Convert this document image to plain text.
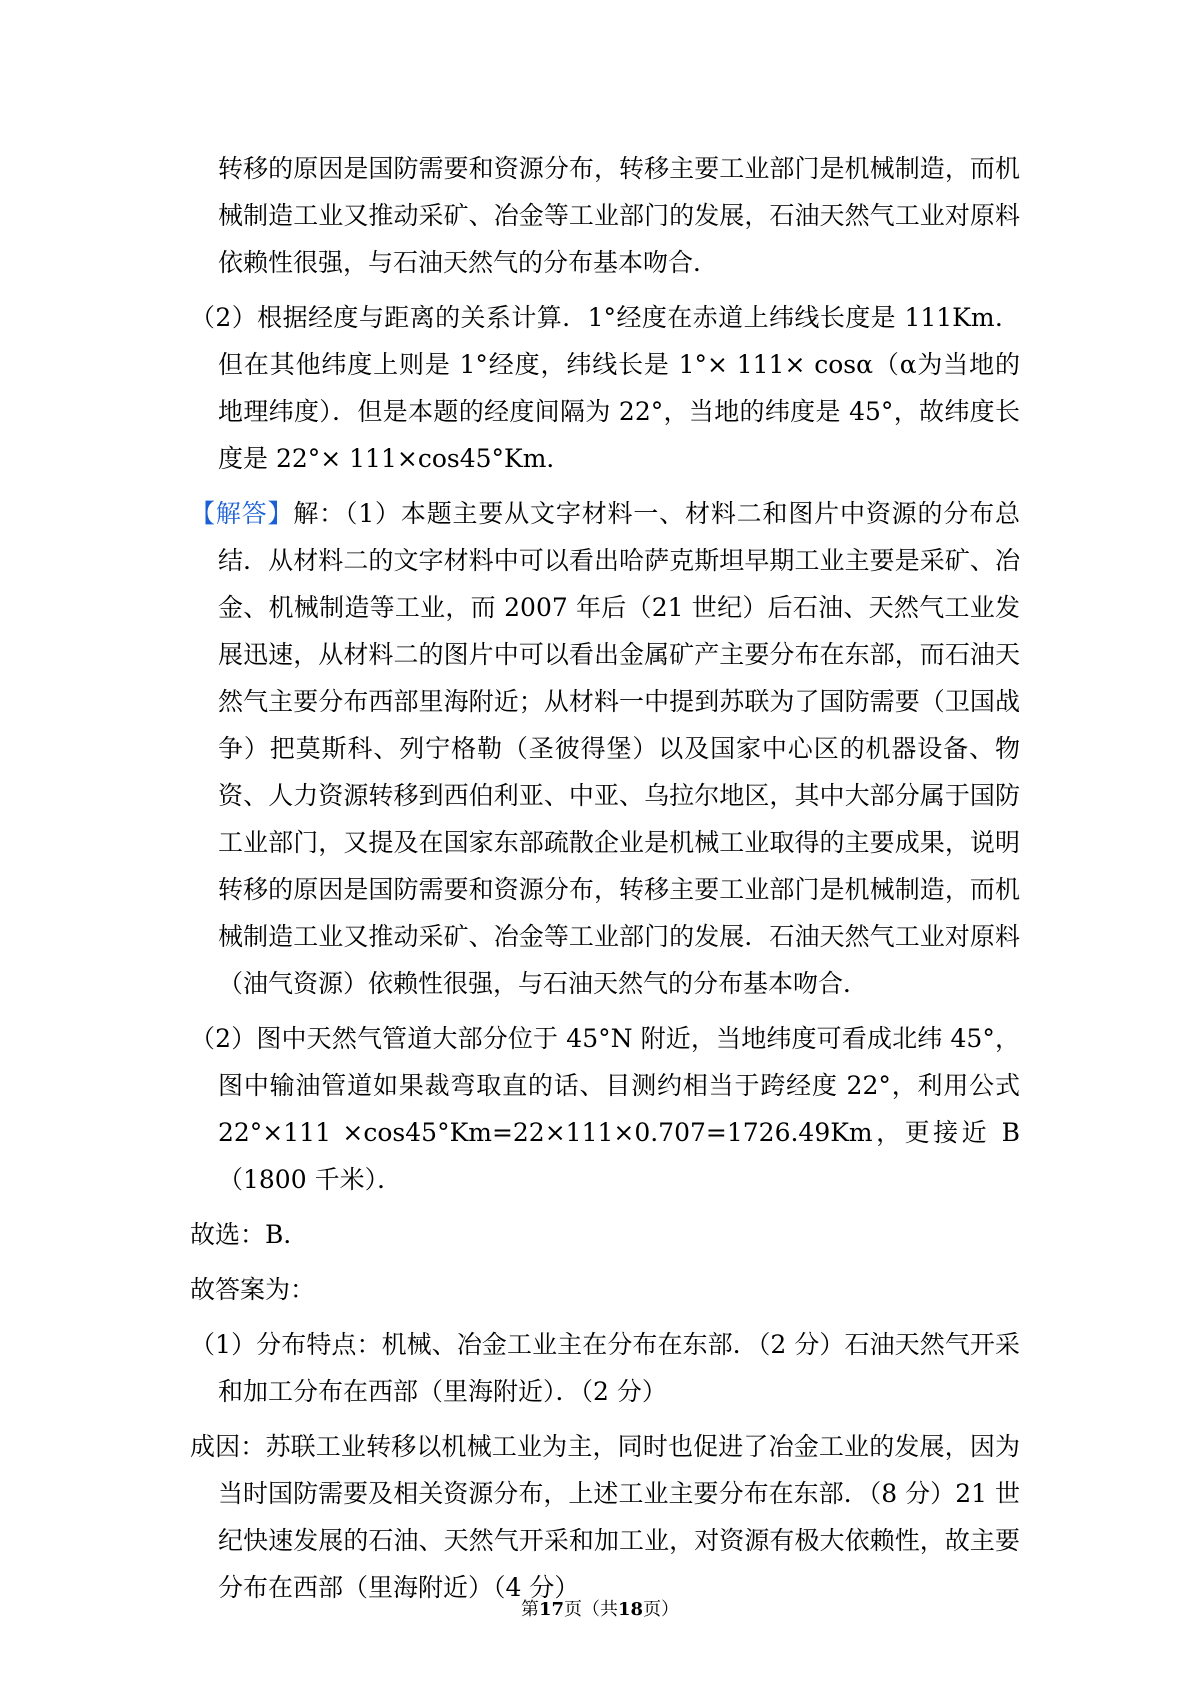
转移的原因是国防需要和资源分布，转移主要工业部门是机械制造，而机械制造工业又推动采矿、冶金等工业部门的发展，石油天然气工业对原料依赖性很强，与石油天然气的分布基本吻合．

（2）根据经度与距离的关系计算．1°经度在赤道上纬线长度是 111Km．但在其他纬度上则是 1°经度，纬线长是 1°× 111× cosα（α为当地的地理纬度）．但是本题的经度间隔为 22°，当地的纬度是 45°，故纬度长度是 22°× 111×cos45°Km．

【解答】解：（1）本题主要从文字材料一、材料二和图片中资源的分布总结．从材料二的文字材料中可以看出哈萨克斯坦早期工业主要是采矿、冶金、机械制造等工业，而 2007 年后（21 世纪）后石油、天然气工业发展迅速，从材料二的图片中可以看出金属矿产主要分布在东部，而石油天然气主要分布西部里海附近；从材料一中提到苏联为了国防需要（卫国战争）把莫斯科、列宁格勒（圣彼得堡）以及国家中心区的机器设备、物资、人力资源转移到西伯利亚、中亚、乌拉尔地区，其中大部分属于国防工业部门，又提及在国家东部疏散企业是机械工业取得的主要成果，说明转移的原因是国防需要和资源分布，转移主要工业部门是机械制造，而机械制造工业又推动采矿、冶金等工业部门的发展．石油天然气工业对原料（油气资源）依赖性很强，与石油天然气的分布基本吻合．

（2）图中天然气管道大部分位于 45°N 附近，当地纬度可看成北纬 45°，图中输油管道如果裁弯取直的话、目测约相当于跨经度 22°，利用公式 22°×111 ×cos45°Km=22×111×0.707=1726.49Km，更接近 B（1800 千米）．

故选：B．

故答案为：

（1）分布特点：机械、冶金工业主在分布在东部．（2 分）石油天然气开采和加工分布在西部（里海附近）．（2 分）

成因：苏联工业转移以机械工业为主，同时也促进了冶金工业的发展，因为当时国防需要及相关资源分布，上述工业主要分布在东部．（8 分）21 世纪快速发展的石油、天然气开采和加工业，对资源有极大依赖性，故主要分布在西部（里海附近）（4 分）

第17页（共18页）
